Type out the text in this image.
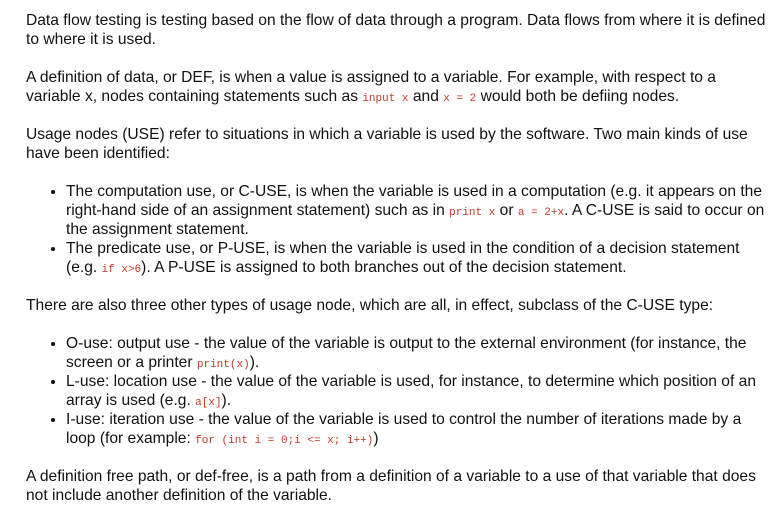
Data flow testing is testing based on the flow of data through a program. Data flows from where it is defined to where it is used.

A definition of data, or DEF, is when a value is assigned to a variable. For example, with respect to a variable x, nodes containing statements such as input x and x = 2 would both be defiing nodes.

Usage nodes (USE) refer to situations in which a variable is used by the software. Two main kinds of use have been identified:

• The computation use, or C-USE, is when the variable is used in a computation (e.g. it appears on the right-hand side of an assignment statement) such as in print x or a = 2+x. A C-USE is said to occur on the assignment statement.
• The predicate use, or P-USE, is when the variable is used in the condition of a decision statement (e.g. if x>6). A P-USE is assigned to both branches out of the decision statement.

There are also three other types of usage node, which are all, in effect, subclass of the C-USE type:

• O-use: output use - the value of the variable is output to the external environment (for instance, the screen or a printer print(x)).
• L-use: location use - the value of the variable is used, for instance, to determine which position of an array is used (e.g. a[x]).
• I-use: iteration use - the value of the variable is used to control the number of iterations made by a loop (for example: for (int i = 0;i <= x; i++))

A definition free path, or def-free, is a path from a definition of a variable to a use of that variable that does not include another definition of the variable.
